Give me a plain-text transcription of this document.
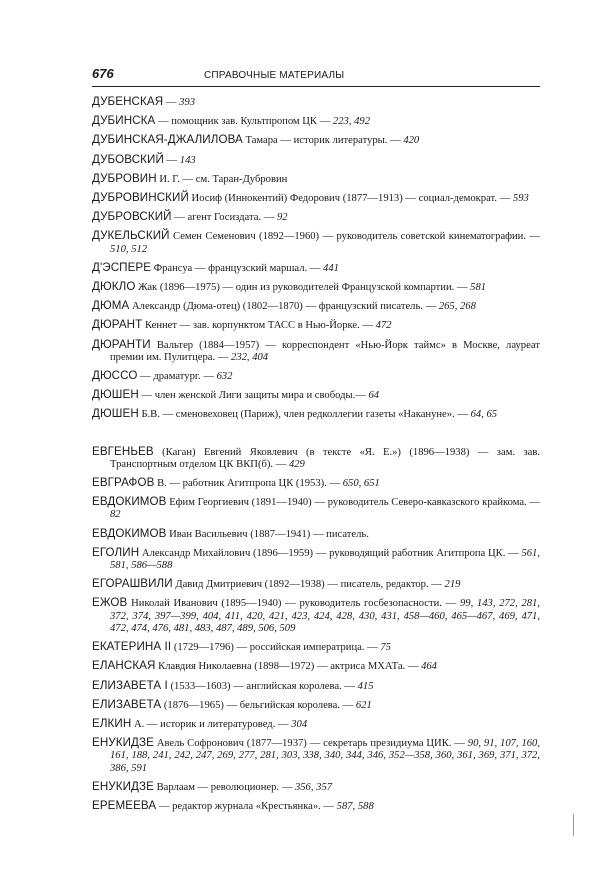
676	СПРАВОЧНЫЕ МАТЕРИАЛЫ
ДУБЕНСКАЯ — 393
ДУБИНСКА — помощник зав. Культпропом ЦК — 223, 492
ДУБИНСКАЯ-ДЖАЛИЛОВА Тамара — историк литературы. — 420
ДУБОВСКИЙ — 143
ДУБРОВИН И. Г. — см. Таран-Дубровин
ДУБРОВИНСКИЙ Иосиф (Иннокентий) Федорович (1877—1913) — социал-демократ. — 593
ДУБРОВСКИЙ — агент Госиздата. — 92
ДУКЕЛЬСКИЙ Семен Семенович (1892—1960) — руководитель советской кинематографии. — 510, 512
Д'ЭСПЕРЕ Франсуа — французский маршал. — 441
ДЮКЛО Жак (1896—1975) — один из руководителей Французской компартии. — 581
ДЮМА Александр (Дюма-отец) (1802—1870) — французский писатель. — 265, 268
ДЮРАНТ Кеннет — зав. корпунктом ТАСС в Нью-Йорке. — 472
ДЮРАНТИ Вальтер (1884—1957) — корреспондент «Нью-Йорк таймс» в Москве, лауреат премии им. Пулитцера. — 232, 404
ДЮССО — драматург. — 632
ДЮШЕН — член женской Лиги защиты мира и свободы.— 64
ДЮШЕН Б.В. — сменовеховец (Париж), член редколлегии газеты «Накануне». — 64, 65
ЕВГЕНЬЕВ (Каган) Евгений Яковлевич (в тексте «Я. Е.») (1896—1938) — зам. зав. Транспортным отделом ЦК ВКП(б). — 429
ЕВГРАФОВ В. — работник Агитпропа ЦК (1953). — 650, 651
ЕВДОКИМОВ Ефим Георгиевич (1891—1940) — руководитель Северо-кавказского крайкома. — 82
ЕВДОКИМОВ Иван Васильевич (1887—1941) — писатель.
ЕГОЛИН Александр Михайлович (1896—1959) — руководящий работник Агитпропа ЦК. — 561, 581, 586—588
ЕГОРАШВИЛИ Давид Дмитриевич (1892—1938) — писатель, редактор. — 219
ЕЖОВ Николай Иванович (1895—1940) — руководитель госбезопасности. — 99, 143, 272, 281, 372, 374, 397—399, 404, 411, 420, 421, 423, 424, 428, 430, 431, 458—460, 465—467, 469, 471, 472, 474, 476, 481, 483, 487, 489, 506, 509
ЕКАТЕРИНА II (1729—1796) — российская императрица. — 75
ЕЛАНСКАЯ Клавдия Николаевна (1898—1972) — актриса МХАТа. — 464
ЕЛИЗАВЕТА I (1533—1603) — английская королева. — 415
ЕЛИЗАВЕТА (1876—1965) — бельгийская королева. — 621
ЕЛКИН А. — историк и литературовед. — 304
ЕНУКИДЗЕ Авель Софронович (1877—1937) — секретарь президиума ЦИК. — 90, 91, 107, 160, 161, 188, 241, 242, 247, 269, 277, 281, 303, 338, 340, 344, 346, 352—358, 360, 361, 369, 371, 372, 386, 591
ЕНУКИДЗЕ Варлаам — революционер. — 356, 357
ЕРЕМЕЕВА — редактор журнала «Крестьянка». — 587, 588
